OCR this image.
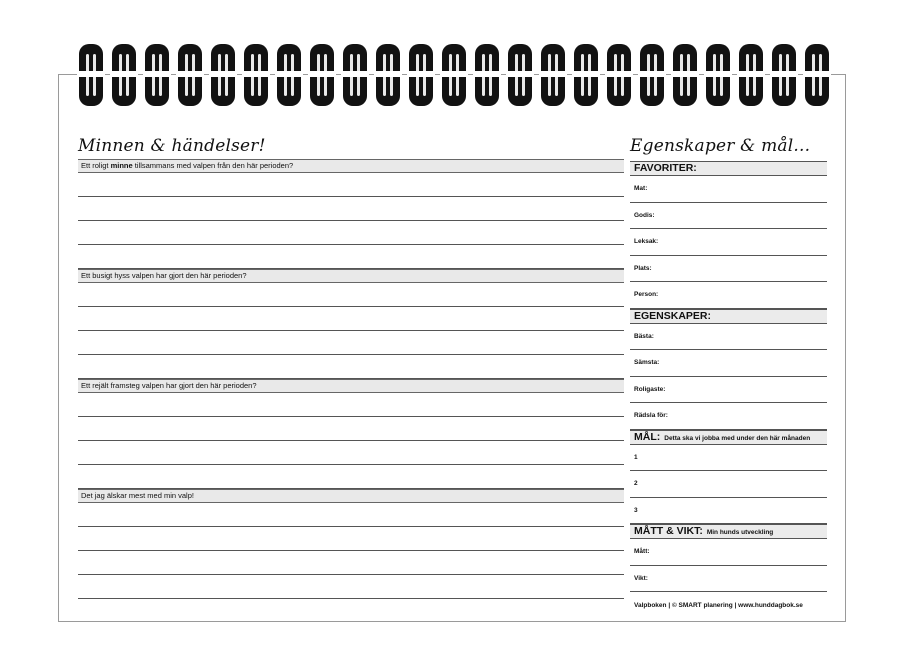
Minnen & händelser!
Ett roligt minne tillsammans med valpen från den här perioden?
Ett busigt hyss valpen har gjort den här perioden?
Ett rejält framsteg valpen har gjort den här perioden?
Det jag älskar mest med min valp!
Egenskaper & mål...
FAVORITER:
Mat:
Godis:
Leksak:
Plats:
Person:
EGENSKAPER:
Bästa:
Sämsta:
Roligaste:
Rädsla för:
MÅL: Detta ska vi jobba med under den här månaden
1
2
3
MÅTT & VIKT: Min hunds utveckling
Mått:
Vikt:
Valpboken | © SMART planering | www.hunddagbok.se
